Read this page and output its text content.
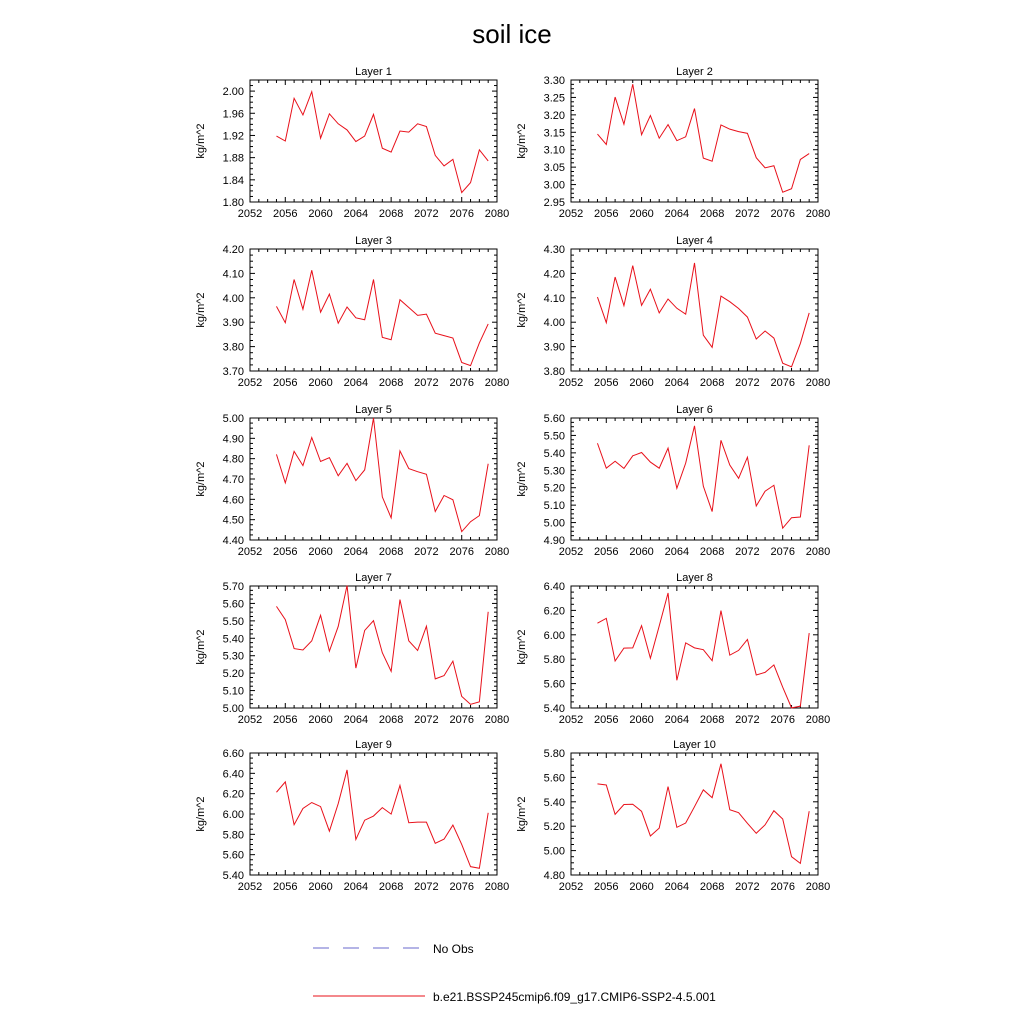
soil ice
Layer 1
2052 2056 2060 2064 2068 2072 2076 2080
1.80
1.84
1.88
1.92
1.96
2.00
kg/m^2
Layer 2
2052 2056 2060 2064 2068 2072 2076 2080
2.95
3.00
3.05
3.10
3.15
3.20
3.25
3.30
kg/m^2
Layer 3
2052 2056 2060 2064 2068 2072 2076 2080
3.70
3.80
3.90
4.00
4.10
4.20
kg/m^2
Layer 4
2052 2056 2060 2064 2068 2072 2076 2080
3.80
3.90
4.00
4.10
4.20
4.30
kg/m^2
Layer 5
2052 2056 2060 2064 2068 2072 2076 2080
4.40
4.50
4.60
4.70
4.80
4.90
5.00
kg/m^2
Layer 6
2052 2056 2060 2064 2068 2072 2076 2080
4.90
5.00
5.10
5.20
5.30
5.40
5.50
5.60
kg/m^2
Layer 7
2052 2056 2060 2064 2068 2072 2076 2080
5.00
5.10
5.20
5.30
5.40
5.50
5.60
5.70
kg/m^2
Layer 8
2052 2056 2060 2064 2068 2072 2076 2080
5.40
5.60
5.80
6.00
6.20
6.40
kg/m^2
Layer 9
2052 2056 2060 2064 2068 2072 2076 2080
5.40
5.60
5.80
6.00
6.20
6.40
6.60
kg/m^2
Layer 10
2052 2056 2060 2064 2068 2072 2076 2080
4.80
5.00
5.20
5.40
5.60
5.80
kg/m^2
No Obs
b.e21.BSSP245cmip6.f09_g17.CMIP6-SSP2-4.5.001
